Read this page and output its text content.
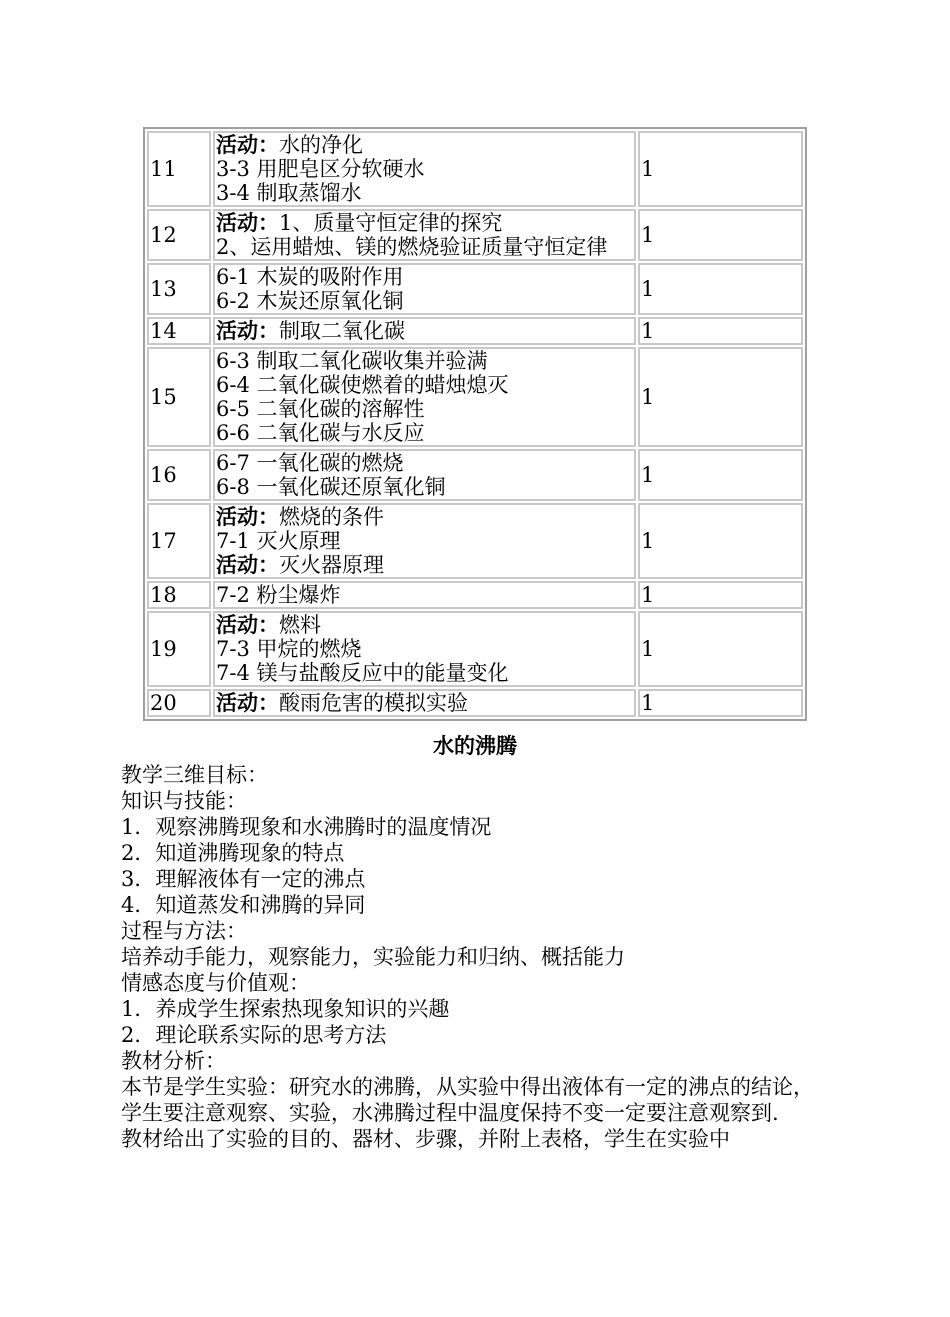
11	活动：水的净化
3-3 用肥皂区分软硬水
3-4 制取蒸馏水	1
12	活动：1、质量守恒定律的探究
2、运用蜡烛、镁的燃烧验证质量守恒定律	1
13	6-1 木炭的吸附作用
6-2 木炭还原氧化铜	1
14	活动：制取二氧化碳	1
15	6-3 制取二氧化碳收集并验满
6-4 二氧化碳使燃着的蜡烛熄灭
6-5 二氧化碳的溶解性
6-6 二氧化碳与水反应	1
16	6-7 一氧化碳的燃烧
6-8 一氧化碳还原氧化铜	1
17	活动：燃烧的条件
7-1 灭火原理
活动：灭火器原理	1
18	7-2 粉尘爆炸	1
19	活动：燃料
7-3 甲烷的燃烧
7-4 镁与盐酸反应中的能量变化	1
20	活动：酸雨危害的模拟实验	1
水的沸腾

教学三维目标：

知识与技能：

1．观察沸腾现象和水沸腾时的温度情况

2．知道沸腾现象的特点

3．理解液体有一定的沸点

4．知道蒸发和沸腾的异同

过程与方法：

培养动手能力，观察能力，实验能力和归纳、概括能力

情感态度与价值观：

1．养成学生探索热现象知识的兴趣

2．理论联系实际的思考方法

教材分析：

本节是学生实验：研究水的沸腾，从实验中得出液体有一定的沸点的结论，学生要注意观察、实验，水沸腾过程中温度保持不变一定要注意观察到.

教材给出了实验的目的、器材、步骤，并附上表格，学生在实验中
